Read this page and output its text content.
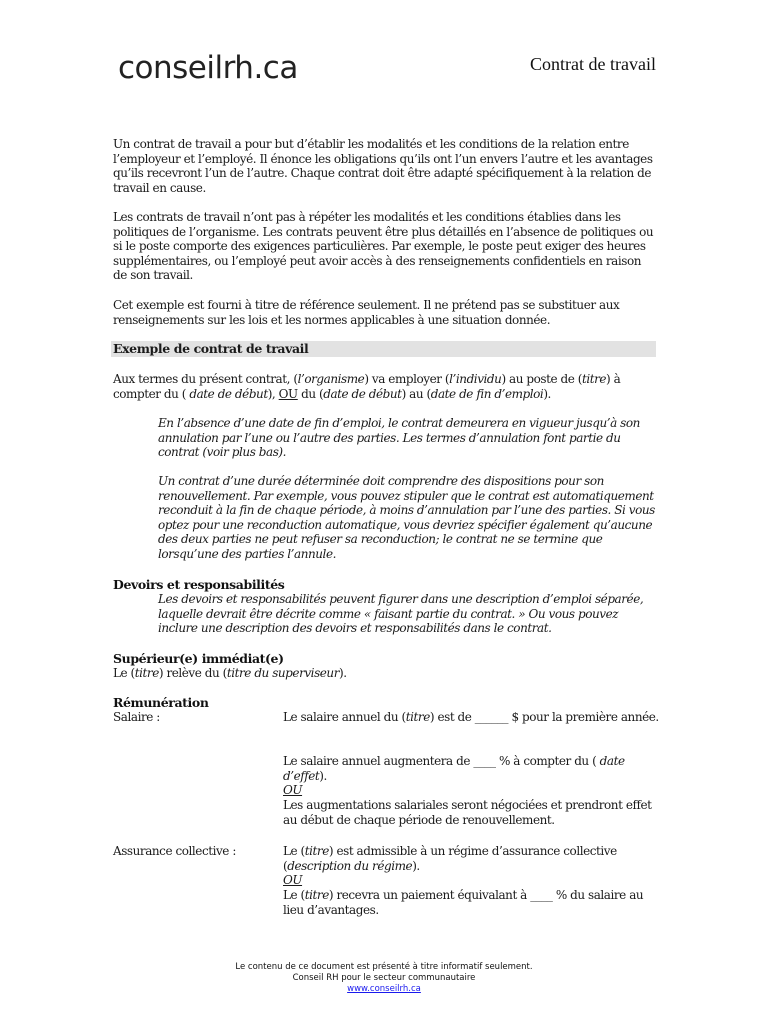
conseilrh.ca	Contrat de travail
Un contrat de travail a pour but d’établir les modalités et les conditions de la relation entre l’employeur et l’employé. Il énonce les obligations qu’ils ont l’un envers l’autre et les avantages qu’ils recevront l’un de l’autre. Chaque contrat doit être adapté spécifiquement à la relation de travail en cause.
Les contrats de travail n’ont pas à répéter les modalités et les conditions établies dans les politiques de l’organisme. Les contrats peuvent être plus détaillés en l’absence de politiques ou si le poste comporte des exigences particulières. Par exemple, le poste peut exiger des heures supplémentaires, ou l’employé peut avoir accès à des renseignements confidentiels en raison de son travail.
Cet exemple est fourni à titre de référence seulement. Il ne prétend pas se substituer aux renseignements sur les lois et les normes applicables à une situation donnée.
Exemple de contrat de travail
Aux termes du présent contrat, (l’organisme) va employer (l’individu) au poste de (titre) à compter du ( date de début), OU du (date de début) au (date de fin d’emploi).
En l’absence d’une date de fin d’emploi, le contrat demeurera en vigueur jusqu’à son annulation par l’une ou l’autre des parties. Les termes d’annulation font partie du contrat (voir plus bas).
Un contrat d’une durée déterminée doit comprendre des dispositions pour son renouvellement. Par exemple, vous pouvez stipuler que le contrat est automatiquement reconduit à la fin de chaque période, à moins d’annulation par l’une des parties. Si vous optez pour une reconduction automatique, vous devriez spécifier également qu’aucune des deux parties ne peut refuser sa reconduction; le contrat ne se termine que lorsqu’une des parties l’annule.
Devoirs et responsabilités
Les devoirs et responsabilités peuvent figurer dans une description d’emploi séparée, laquelle devrait être décrite comme « faisant partie du contrat. » Ou vous pouvez inclure une description des devoirs et responsabilités dans le contrat.
Supérieur(e) immédiat(e)
Le (titre) relève du (titre du superviseur).
Rémunération
Salaire :	Le salaire annuel du (titre) est de ______ $ pour la première année.
Le salaire annuel augmentera de ____ % à compter du ( date d’effet).
OU
Les augmentations salariales seront négociées et prendront effet au début de chaque période de renouvellement.
Assurance collective :	Le (titre) est admissible à un régime d’assurance collective (description du régime).
OU
Le (titre) recevra un paiement équivalant à ____ % du salaire au lieu d’avantages.
Le contenu de ce document est présenté à titre informatif seulement.
Conseil RH pour le secteur communautaire
www.conseilrh.ca
